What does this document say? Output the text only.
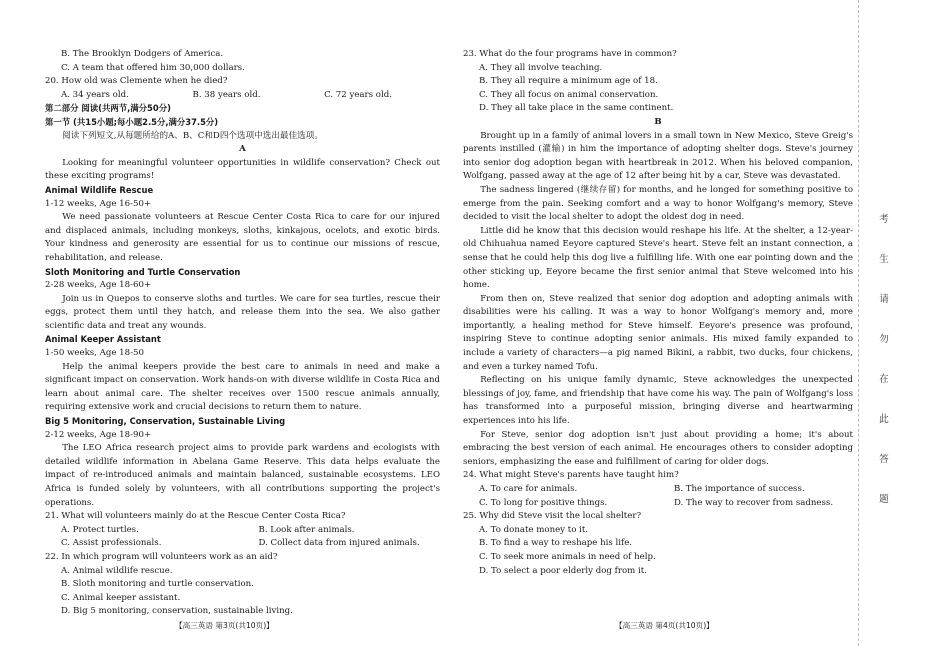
B. The Brooklyn Dodgers of America.

C. A team that offered him 30,000 dollars.

20. How old was Clemente when he died?

A. 34 years old.	B. 38 years old.	C. 72 years old.

第二部分 阅读(共两节,满分50分)

第一节 (共15小题;每小题2.5分,满分37.5分)

阅读下列短文,从每题所给的A、B、C和D四个选项中选出最佳选项。

A

Looking for meaningful volunteer opportunities in wildlife conservation? Check out these exciting programs!

Animal Wildlife Rescue

1-12 weeks, Age 16-50+

We need passionate volunteers at Rescue Center Costa Rica to care for our injured and displaced animals, including monkeys, sloths, kinkajous, ocelots, and exotic birds. Your kindness and generosity are essential for us to continue our missions of rescue, rehabilitation, and release.

Sloth Monitoring and Turtle Conservation

2-28 weeks, Age 18-60+

Join us in Quepos to conserve sloths and turtles. We care for sea turtles, rescue their eggs, protect them until they hatch, and release them into the sea. We also gather scientific data and treat any wounds.

Animal Keeper Assistant

1-50 weeks, Age 18-50

Help the animal keepers provide the best care to animals in need and make a significant impact on conservation. Work hands-on with diverse wildlife in Costa Rica and learn about animal care. The shelter receives over 1500 rescue animals annually, requiring extensive work and crucial decisions to return them to nature.

Big 5 Monitoring, Conservation, Sustainable Living

2-12 weeks, Age 18-90+

The LEO Africa research project aims to provide park wardens and ecologists with detailed wildlife information in Abelana Game Reserve. This data helps evaluate the impact of re-introduced animals and maintain balanced, sustainable ecosystems. LEO Africa is funded solely by volunteers, with all contributions supporting the project's operations.

21. What will volunteers mainly do at the Rescue Center Costa Rica?

A. Protect turtles.	B. Look after animals.

C. Assist professionals.	D. Collect data from injured animals.

22. In which program will volunteers work as an aid?

A. Animal wildlife rescue.

B. Sloth monitoring and turtle conservation.

C. Animal keeper assistant.

D. Big 5 monitoring, conservation, sustainable living.

23. What do the four programs have in common?

A. They all involve teaching.

B. They all require a minimum age of 18.

C. They all focus on animal conservation.

D. They all take place in the same continent.

B

Brought up in a family of animal lovers in a small town in New Mexico, Steve Greig's parents instilled (灌输) in him the importance of adopting shelter dogs. Steve's journey into senior dog adoption began with heartbreak in 2012. When his beloved companion, Wolfgang, passed away at the age of 12 after being hit by a car, Steve was devastated.

The sadness lingered (继续存留) for months, and he longed for something positive to emerge from the pain. Seeking comfort and a way to honor Wolfgang's memory, Steve decided to visit the local shelter to adopt the oldest dog in need.

Little did he know that this decision would reshape his life. At the shelter, a 12-year-old Chihuahua named Eeyore captured Steve's heart. Steve felt an instant connection, a sense that he could help this dog live a fulfilling life. With one ear pointing down and the other sticking up, Eeyore became the first senior animal that Steve welcomed into his home.

From then on, Steve realized that senior dog adoption and adopting animals with disabilities were his calling. It was a way to honor Wolfgang's memory and, more importantly, a healing method for Steve himself. Eeyore's presence was profound, inspiring Steve to continue adopting senior animals. His mixed family expanded to include a variety of characters—a pig named Bikini, a rabbit, two ducks, four chickens, and even a turkey named Tofu.

Reflecting on his unique family dynamic, Steve acknowledges the unexpected blessings of joy, fame, and friendship that have come his way. The pain of Wolfgang's loss has transformed into a purposeful mission, bringing diverse and heartwarming experiences into his life.

For Steve, senior dog adoption isn't just about providing a home; it's about embracing the best version of each animal. He encourages others to consider adopting seniors, emphasizing the ease and fulfillment of caring for older dogs.

24. What might Steve's parents have taught him?

A. To care for animals.	B. The importance of success.

C. To long for positive things.	D. The way to recover from sadness.

25. Why did Steve visit the local shelter?

A. To donate money to it.

B. To find a way to reshape his life.

C. To seek more animals in need of help.

D. To select a poor elderly dog from it.

【高三英语 第3页(共10页)】	【高三英语 第4页(共10页)】
考
生
请
勿
在
此
答
题
